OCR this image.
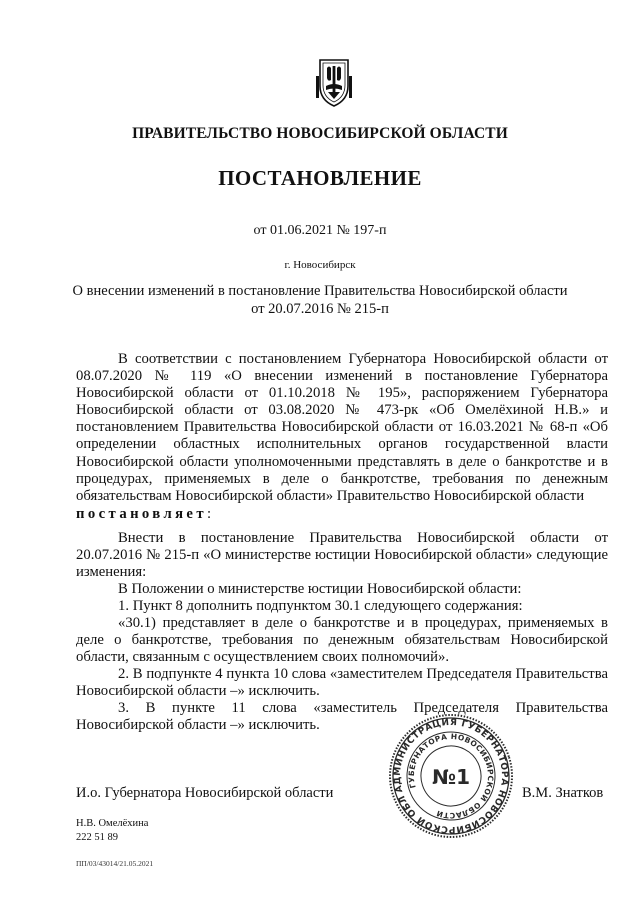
ПРАВИТЕЛЬСТВО НОВОСИБИРСКОЙ ОБЛАСТИ
ПОСТАНОВЛЕНИЕ
от 01.06.2021 № 197-п
г. Новосибирск
О внесении изменений в постановление Правительства Новосибирской области
от 20.07.2016 № 215-п

В соответствии с постановлением Губернатора Новосибирской области от 08.07.2020 № 119 «О внесении изменений в постановление Губернатора Новосибирской области от 01.10.2018 № 195», распоряжением Губернатора Новосибирской области от 03.08.2020 № 473-рк «Об Омелёхиной Н.В.» и постановлением Правительства Новосибирской области от 16.03.2021 № 68-п «Об определении областных исполнительных органов государственной власти Новосибирской области уполномоченными представлять в деле о банкротстве и в процедурах, применяемых в деле о банкротстве, требования по денежным обязательствам Новосибирской области» Правительство Новосибирской области

постановляет:

Внести в постановление Правительства Новосибирской области от 20.07.2016 № 215-п «О министерстве юстиции Новосибирской области» следующие изменения:

В Положении о министерстве юстиции Новосибирской области:

1. Пункт 8 дополнить подпунктом 30.1 следующего содержания:

«30.1) представляет в деле о банкротстве и в процедурах, применяемых в деле о банкротстве, требования по денежным обязательствам Новосибирской области, связанным с осуществлением своих полномочий».

2. В подпункте 4 пункта 10 слова «заместителем Председателя Правительства Новосибирской области –» исключить.

3. В пункте 11 слова «заместитель Председателя Правительства Новосибирской области –» исключить.

АДМИНИСТРАЦИЯ ГУБЕРНАТОРА НОВОСИБИРСКОЙ ОБЛАСТИ
ГУБЕРНАТОРА НОВОСИБИРСКОЙ ОБЛАСТИ
№1
И.о. Губернатора Новосибирской области	В.М. Знатков
Н.В. Омелёхина
222 51 89
ПП/03/43014/21.05.2021
